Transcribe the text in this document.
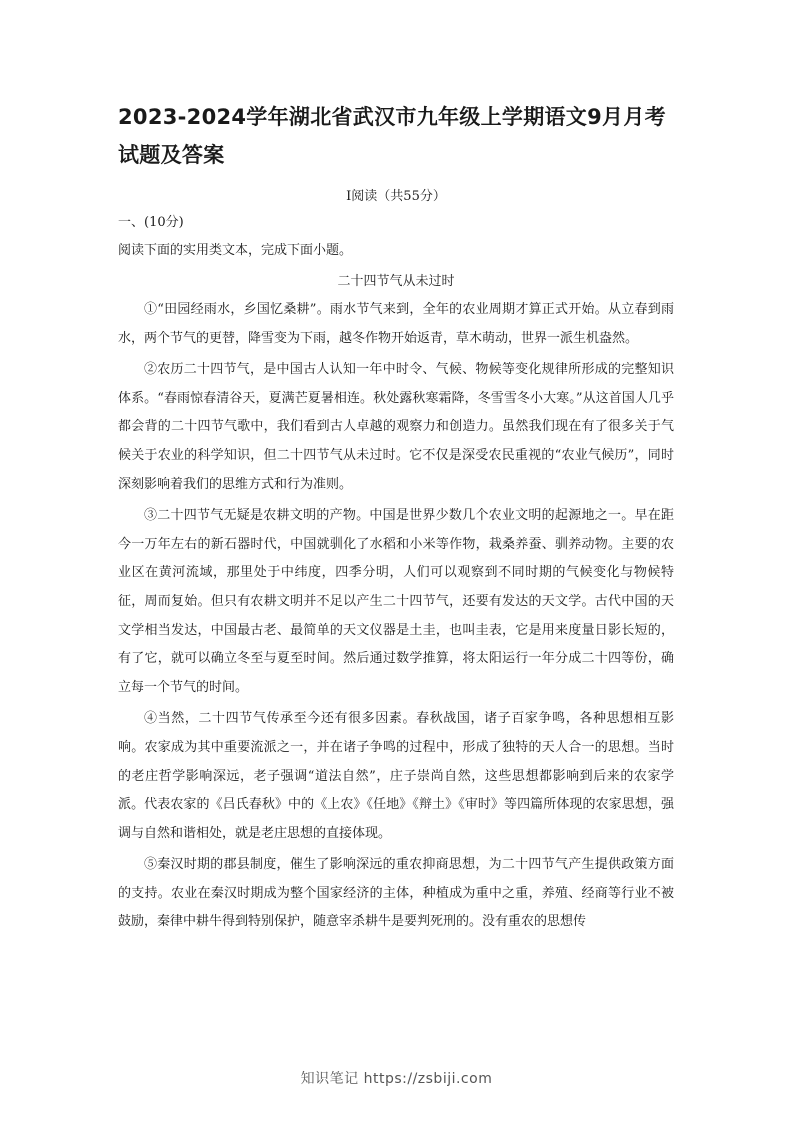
2023-2024学年湖北省武汉市九年级上学期语文9月月考试题及答案
Ⅰ阅读（共55分）
一、(10分)
阅读下面的实用类文本，完成下面小题。
二十四节气从未过时

①“田园经雨水，乡国忆桑耕”。雨水节气来到，全年的农业周期才算正式开始。从立春到雨水，两个节气的更替，降雪变为下雨，越冬作物开始返青，草木萌动，世界一派生机盎然。

②农历二十四节气，是中国古人认知一年中时令、气候、物候等变化规律所形成的完整知识体系。“春雨惊春清谷天，夏满芒夏暑相连。秋处露秋寒霜降，冬雪雪冬小大寒。”从这首国人几乎都会背的二十四节气歌中，我们看到古人卓越的观察力和创造力。虽然我们现在有了很多关于气候关于农业的科学知识，但二十四节气从未过时。它不仅是深受农民重视的“农业气候历”，同时深刻影响着我们的思维方式和行为准则。

③二十四节气无疑是农耕文明的产物。中国是世界少数几个农业文明的起源地之一。早在距今一万年左右的新石器时代，中国就驯化了水稻和小米等作物，栽桑养蚕、驯养动物。主要的农业区在黄河流域，那里处于中纬度，四季分明，人们可以观察到不同时期的气候变化与物候特征，周而复始。但只有农耕文明并不足以产生二十四节气，还要有发达的天文学。古代中国的天文学相当发达，中国最古老、最简单的天文仪器是土圭，也叫圭表，它是用来度量日影长短的，有了它，就可以确立冬至与夏至时间。然后通过数学推算，将太阳运行一年分成二十四等份，确立每一个节气的时间。

④当然，二十四节气传承至今还有很多因素。春秋战国，诸子百家争鸣，各种思想相互影响。农家成为其中重要流派之一，并在诸子争鸣的过程中，形成了独特的天人合一的思想。当时的老庄哲学影响深远，老子强调“道法自然”，庄子崇尚自然，这些思想都影响到后来的农家学派。代表农家的《吕氏春秋》中的《上农》《任地》《辩土》《审时》等四篇所体现的农家思想，强调与自然和谐相处，就是老庄思想的直接体现。

⑤秦汉时期的郡县制度，催生了影响深远的重农抑商思想，为二十四节气产生提供政策方面的支持。农业在秦汉时期成为整个国家经济的主体，种植成为重中之重，养殖、经商等行业不被鼓励，秦律中耕牛得到特别保护，随意宰杀耕牛是要判死刑的。没有重农的思想传

知识笔记 https://zsbiji.com
